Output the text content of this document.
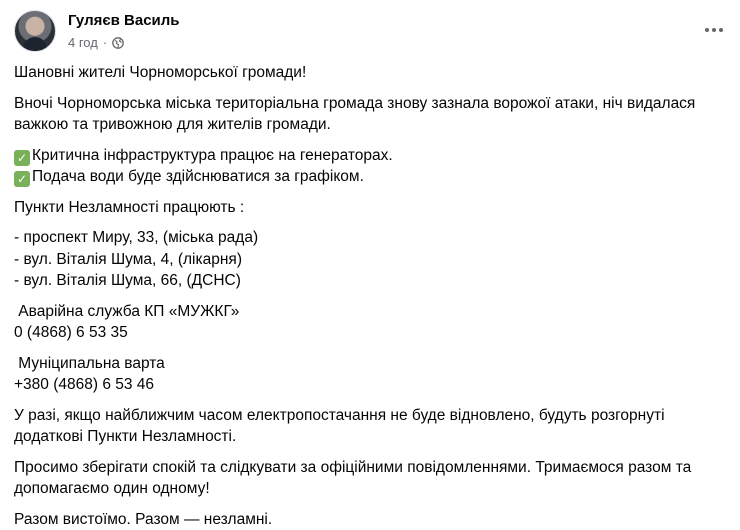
Гуляєв Василь
4 год ·

Шановні жителі Чорноморської громади!

Вночі Чорноморська міська територіальна громада знову зазнала ворожої атаки, ніч видалася важкою та тривожною для жителів громади.

✓ Критична інфраструктура працює на генераторах.

✓ Подача води буде здійснюватися за графіком.

Пункти Незламності працюють :

- проспект Миру, 33, (міська рада)

- вул. Віталія Шума, 4, (лікарня)

- вул. Віталія Шума, 66, (ДСНС)

Аварійна служба КП «МУЖКГ»

0 (4868) 6 53 35

Муніципальна варта

+380 (4868) 6 53 46

У разі, якщо найближчим часом електропостачання не буде відновлено, будуть розгорнуті додаткові Пункти Незламності.

Просимо зберігати спокій та слідкувати за офіційними повідомленнями. Тримаємося разом та допомагаємо один одному!

Разом вистоїмо. Разом — незламні.
